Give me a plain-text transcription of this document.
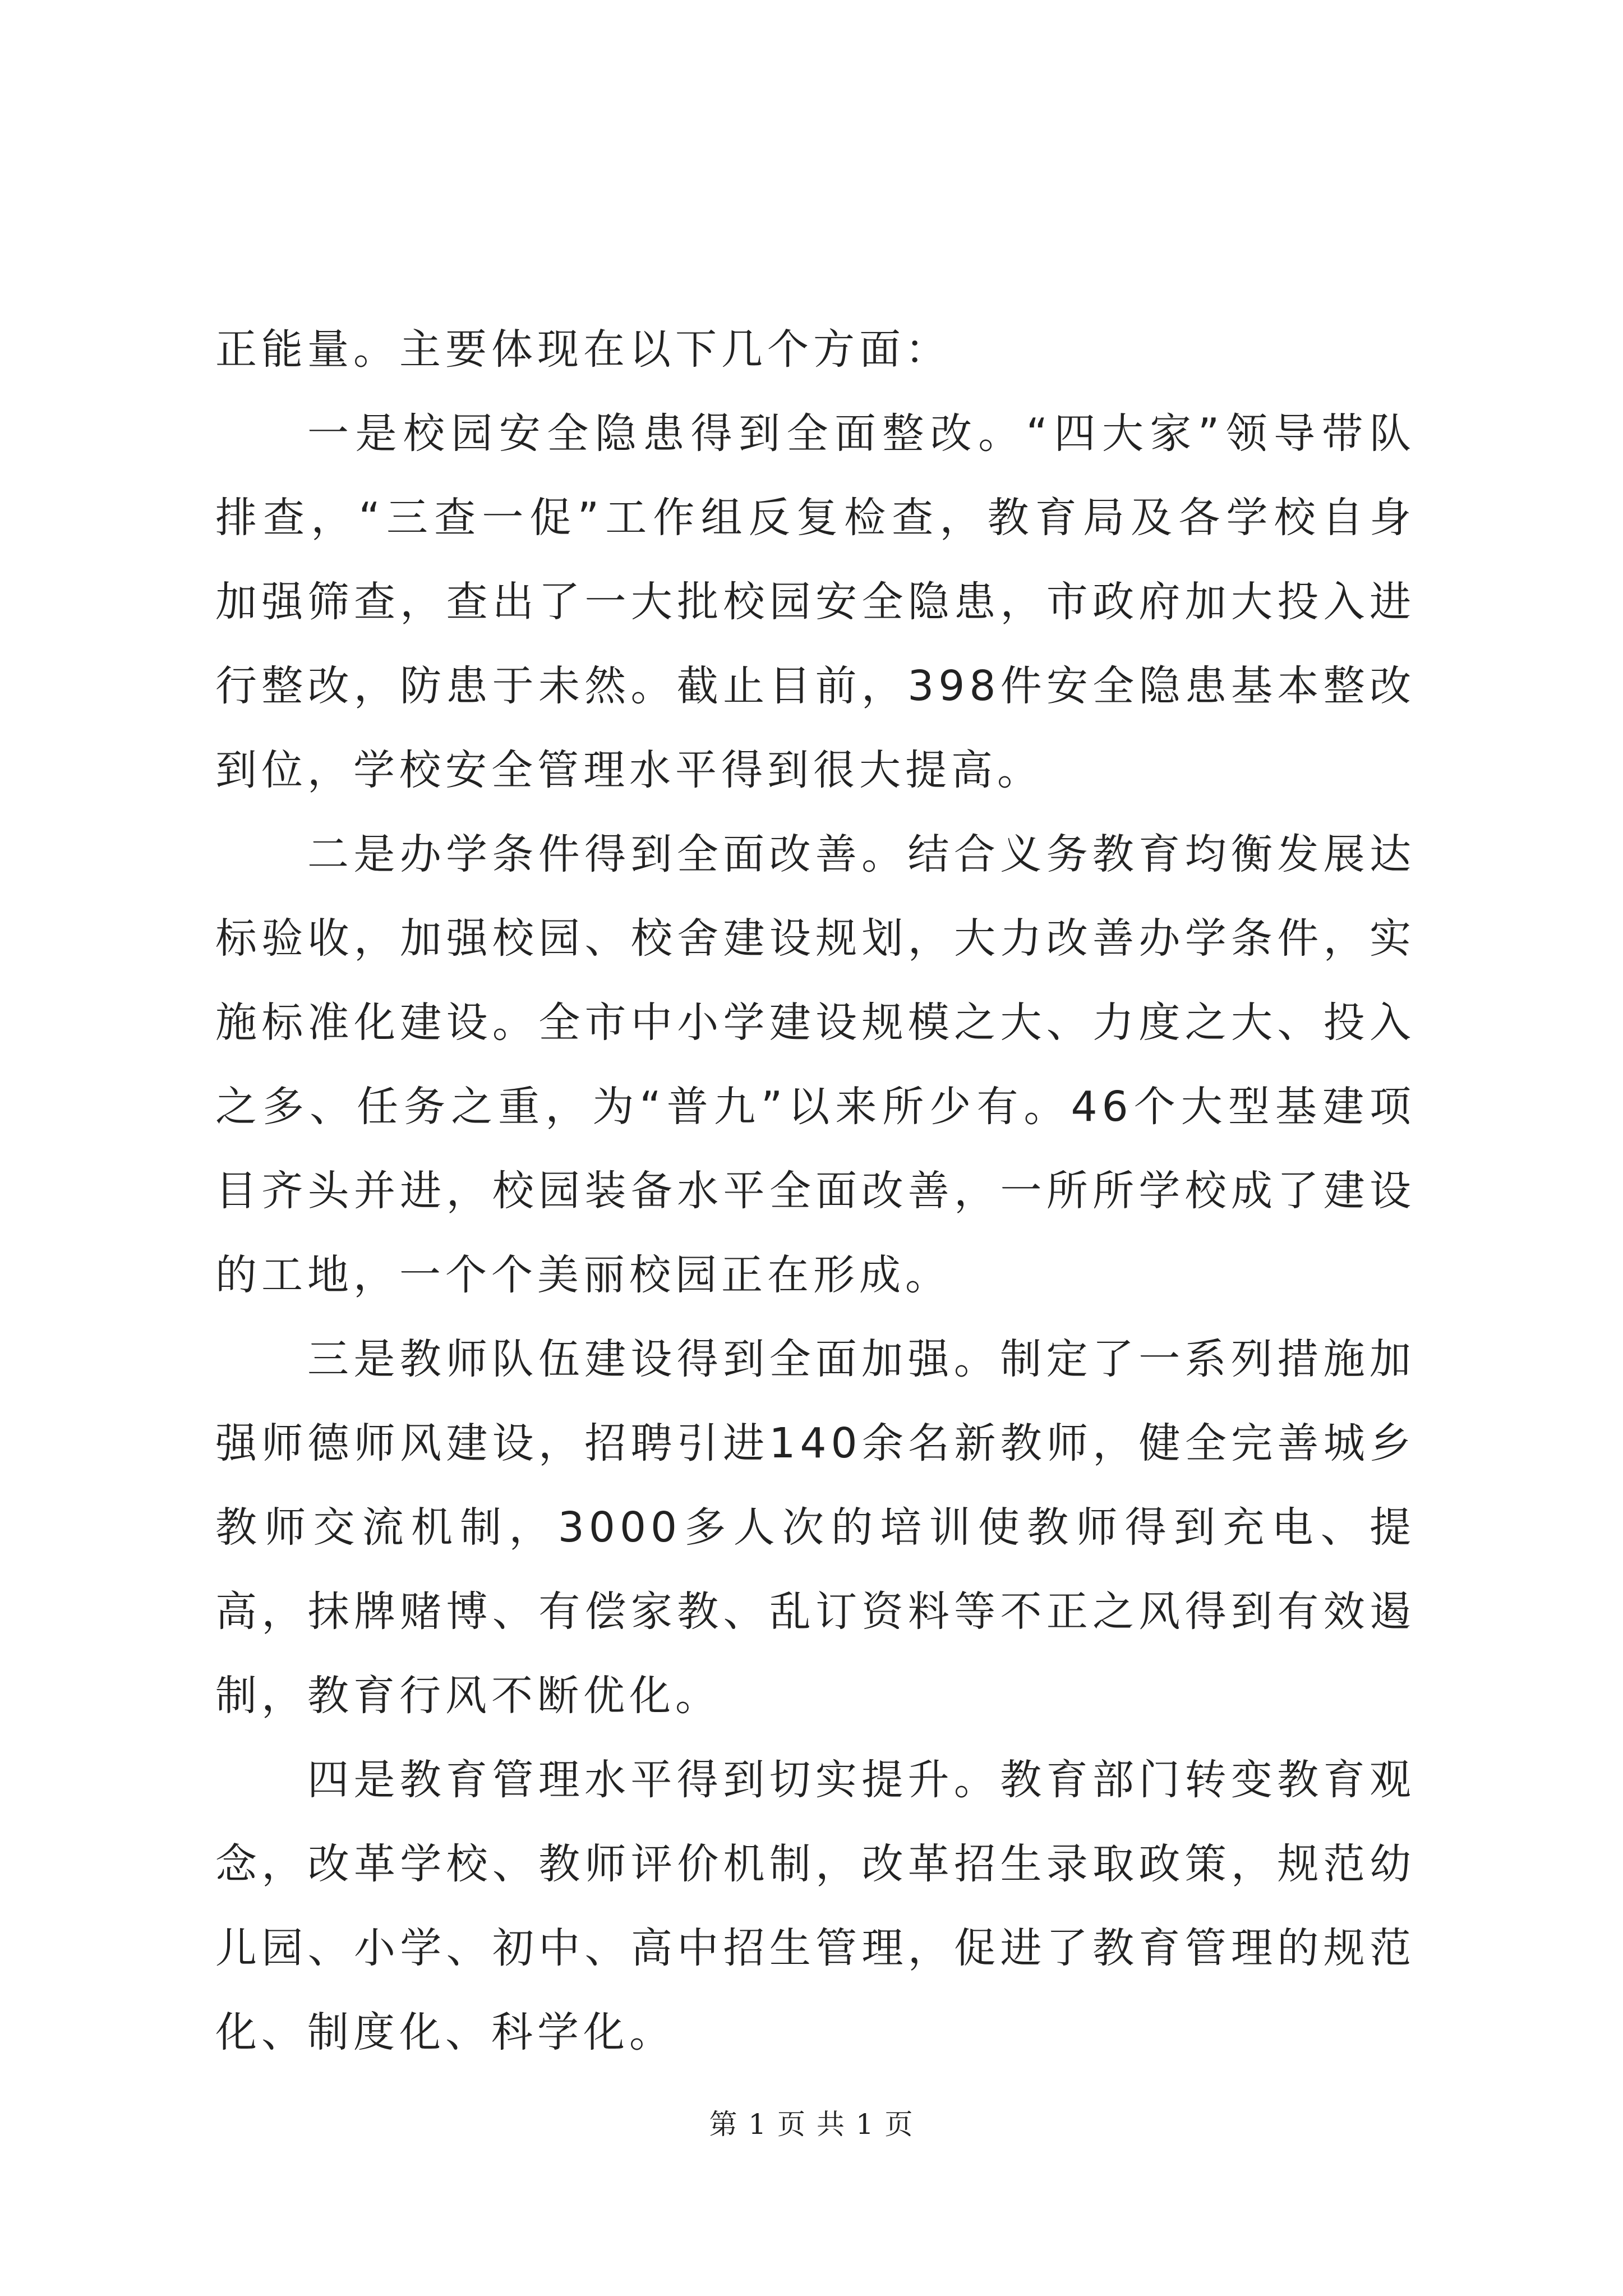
正能量。主要体现在以下几个方面：

一是校园安全隐患得到全面整改。“四大家”领导带队排查，“三查一促”工作组反复检查，教育局及各学校自身加强筛查，查出了一大批校园安全隐患，市政府加大投入进行整改，防患于未然。截止目前，398件安全隐患基本整改到位，学校安全管理水平得到很大提高。

二是办学条件得到全面改善。结合义务教育均衡发展达标验收，加强校园、校舍建设规划，大力改善办学条件，实施标准化建设。全市中小学建设规模之大、力度之大、投入之多、任务之重，为“普九”以来所少有。46个大型基建项目齐头并进，校园装备水平全面改善，一所所学校成了建设的工地，一个个美丽校园正在形成。

三是教师队伍建设得到全面加强。制定了一系列措施加强师德师风建设，招聘引进140余名新教师，健全完善城乡教师交流机制，3000多人次的培训使教师得到充电、提高，抹牌赌博、有偿家教、乱订资料等不正之风得到有效遏制，教育行风不断优化。

四是教育管理水平得到切实提升。教育部门转变教育观念，改革学校、教师评价机制，改革招生录取政策，规范幼儿园、小学、初中、高中招生管理，促进了教育管理的规范化、制度化、科学化。

第 1 页 共 1 页
